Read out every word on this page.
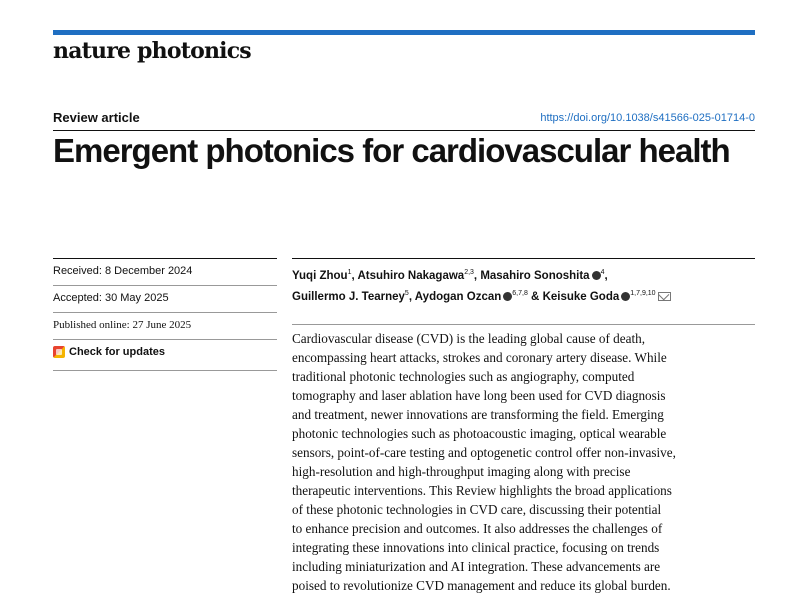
nature photonics
Review article	https://doi.org/10.1038/s41566-025-01714-0
Emergent photonics for cardiovascular health
Received: 8 December 2024
Accepted: 30 May 2025
Published online: 27 June 2025
Check for updates
Yuqi Zhou$^1$, Atsuhiro Nakagawa$^{2,3}$, Masahiro Sonoshita $^4$,
Guillermo J. Tearney$^5$, Aydogan Ozcan $^{6,7,8}$ & Keisuke Goda $^{1,7,9,10}$
Cardiovascular disease (CVD) is the leading global cause of death,
encompassing heart attacks, strokes and coronary artery disease. While
traditional photonic technologies such as angiography, computed
tomography and laser ablation have long been used for CVD diagnosis
and treatment, newer innovations are transforming the field. Emerging
photonic technologies such as photoacoustic imaging, optical wearable
sensors, point-of-care testing and optogenetic control offer non-invasive,
high-resolution and high-throughput imaging along with precise
therapeutic interventions. This Review highlights the broad applications
of these photonic technologies in CVD care, discussing their potential
to enhance precision and outcomes. It also addresses the challenges of
integrating these innovations into clinical practice, focusing on trends
including miniaturization and AI integration. These advancements are
poised to revolutionize CVD management and reduce its global burden.
